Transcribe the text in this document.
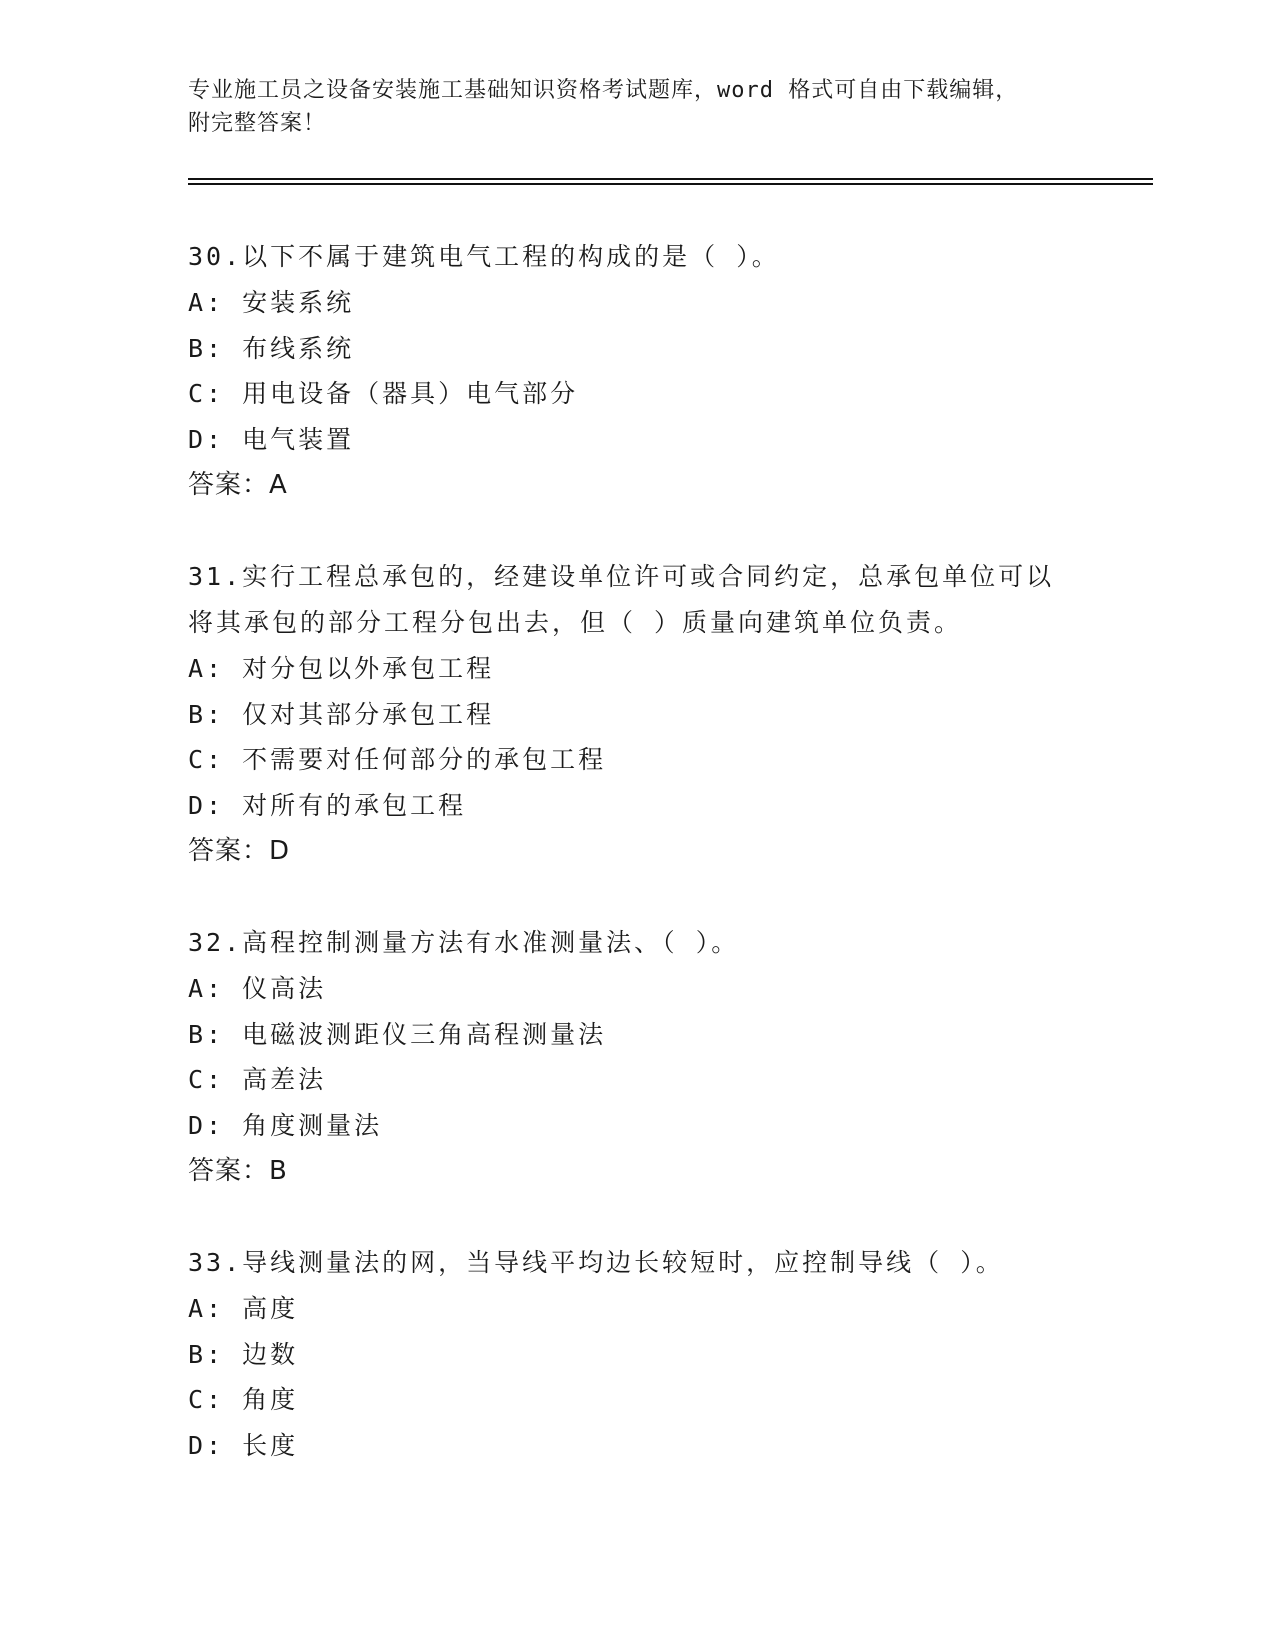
专业施工员之设备安装施工基础知识资格考试题库，word 格式可自由下载编辑，
附完整答案！

30.以下不属于建筑电气工程的构成的是（ ）。

A: 安装系统

B: 布线系统

C: 用电设备（器具）电气部分

D: 电气装置

答案：A

31.实行工程总承包的，经建设单位许可或合同约定，总承包单位可以

将其承包的部分工程分包出去，但（ ）质量向建筑单位负责。

A: 对分包以外承包工程

B: 仅对其部分承包工程

C: 不需要对任何部分的承包工程

D: 对所有的承包工程

答案：D

32.高程控制测量方法有水准测量法、（ ）。

A: 仪高法

B: 电磁波测距仪三角高程测量法

C: 高差法

D: 角度测量法

答案：B

33.导线测量法的网，当导线平均边长较短时，应控制导线（ ）。

A: 高度

B: 边数

C: 角度

D: 长度
